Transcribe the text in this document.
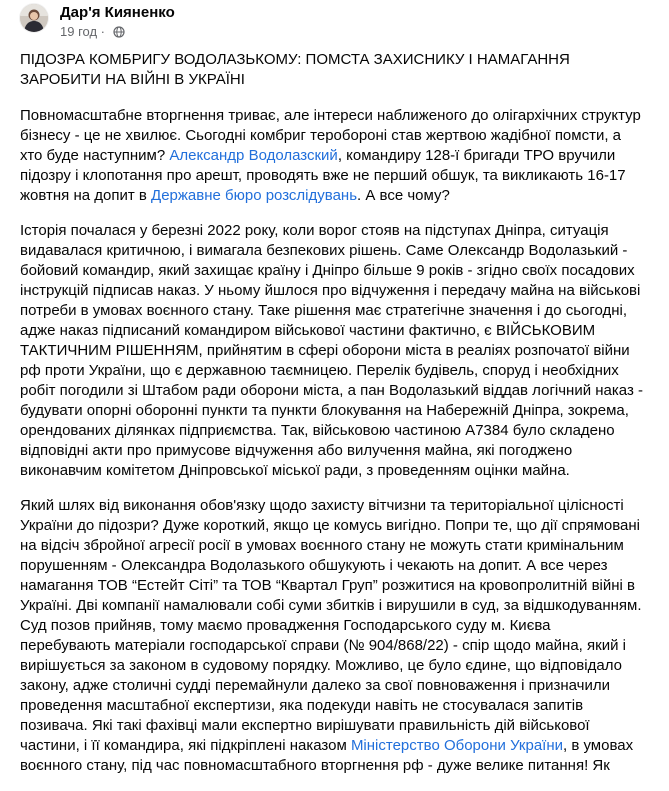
Дар'я Кияненко
19 год ·

ПІДОЗРА КОМБРИГУ ВОДОЛАЗЬКОМУ: ПОМСТА ЗАХИСНИКУ І НАМАГАННЯ ЗАРОБИТИ НА ВІЙНІ В УКРАЇНІ

Повномасштабне вторгнення триває, але інтереси наближеного до олігархічних структур бізнесу - це не хвилює. Сьогодні комбриг теробороні став жертвою жадібної помсти, а хто буде наступним? Александр Водолазский, командиру 128-ї бригади ТРО вручили підозру і клопотання про арешт, проводять вже не перший обшук, та викликають 16-17 жовтня на допит в Державне бюро розслідувань. А все чому?

Історія почалася у березні 2022 року, коли ворог стояв на підступах Дніпра, ситуація видавалася критичною, і вимагала безпекових рішень. Саме Олександр Водолазький - бойовий командир, який захищає країну і Дніпро більше 9 років - згідно своїх посадових інструкцій підписав наказ. У ньому йшлося про відчуження і передачу майна на військові потреби в умовах воєнного стану. Таке рішення має стратегічне значення і до сьогодні, адже наказ підписаний командиром військової частини фактично, є ВІЙСЬКОВИМ ТАКТИЧНИМ РІШЕННЯМ, прийнятим в сфері оборони міста в реаліях розпочатої війни рф проти України, що є державною таємницею. Перелік будівель, споруд і необхідних робіт погодили зі Штабом ради оборони міста, а пан Водолазький віддав логічний наказ - будувати опорні оборонні пункти та пункти блокування на Набережній Дніпра, зокрема, орендованих ділянках підприємства. Так, військовою частиною А7384 було складено відповідні акти про примусове відчуження або вилучення майна, які погоджено виконавчим комітетом Дніпровської міської ради, з проведенням оцінки майна.

Який шлях від виконання обов'язку щодо захисту вітчизни та територіальної цілісності України до підозри? Дуже короткий, якщо це комусь вигідно. Попри те, що дії спрямовані на відсіч збройної агресії росії в умовах воєнного стану не можуть стати кримінальним порушенням - Олександра Водолазького обшукують і чекають на допит. А все через намагання ТОВ “Естейт Сіті” та ТОВ “Квартал Груп” розжитися на кровопролитній війні в Україні. Дві компанії намалювали собі суми збитків і вирушили в суд, за відшкодуванням. Суд позов прийняв, тому маємо провадження Господарського суду м. Києва перебувають матеріали господарської справи (№ 904/868/22) - спір щодо майна, який і вирішується за законом в судовому порядку. Можливо, це було єдине, що відповідало закону, адже столичні судді перемайнули далеко за свої повноваження і призначили проведення масштабної експертизи, яка подекуди навіть не стосувалася запитів позивача. Які такі фахівці мали експертно вирішувати правильність дій військової частини, і її командира, які підкріплені наказом Міністерство Оборони України, в умовах воєнного стану, під час повномасштабного вторгнення рф - дуже велике питання! Як
